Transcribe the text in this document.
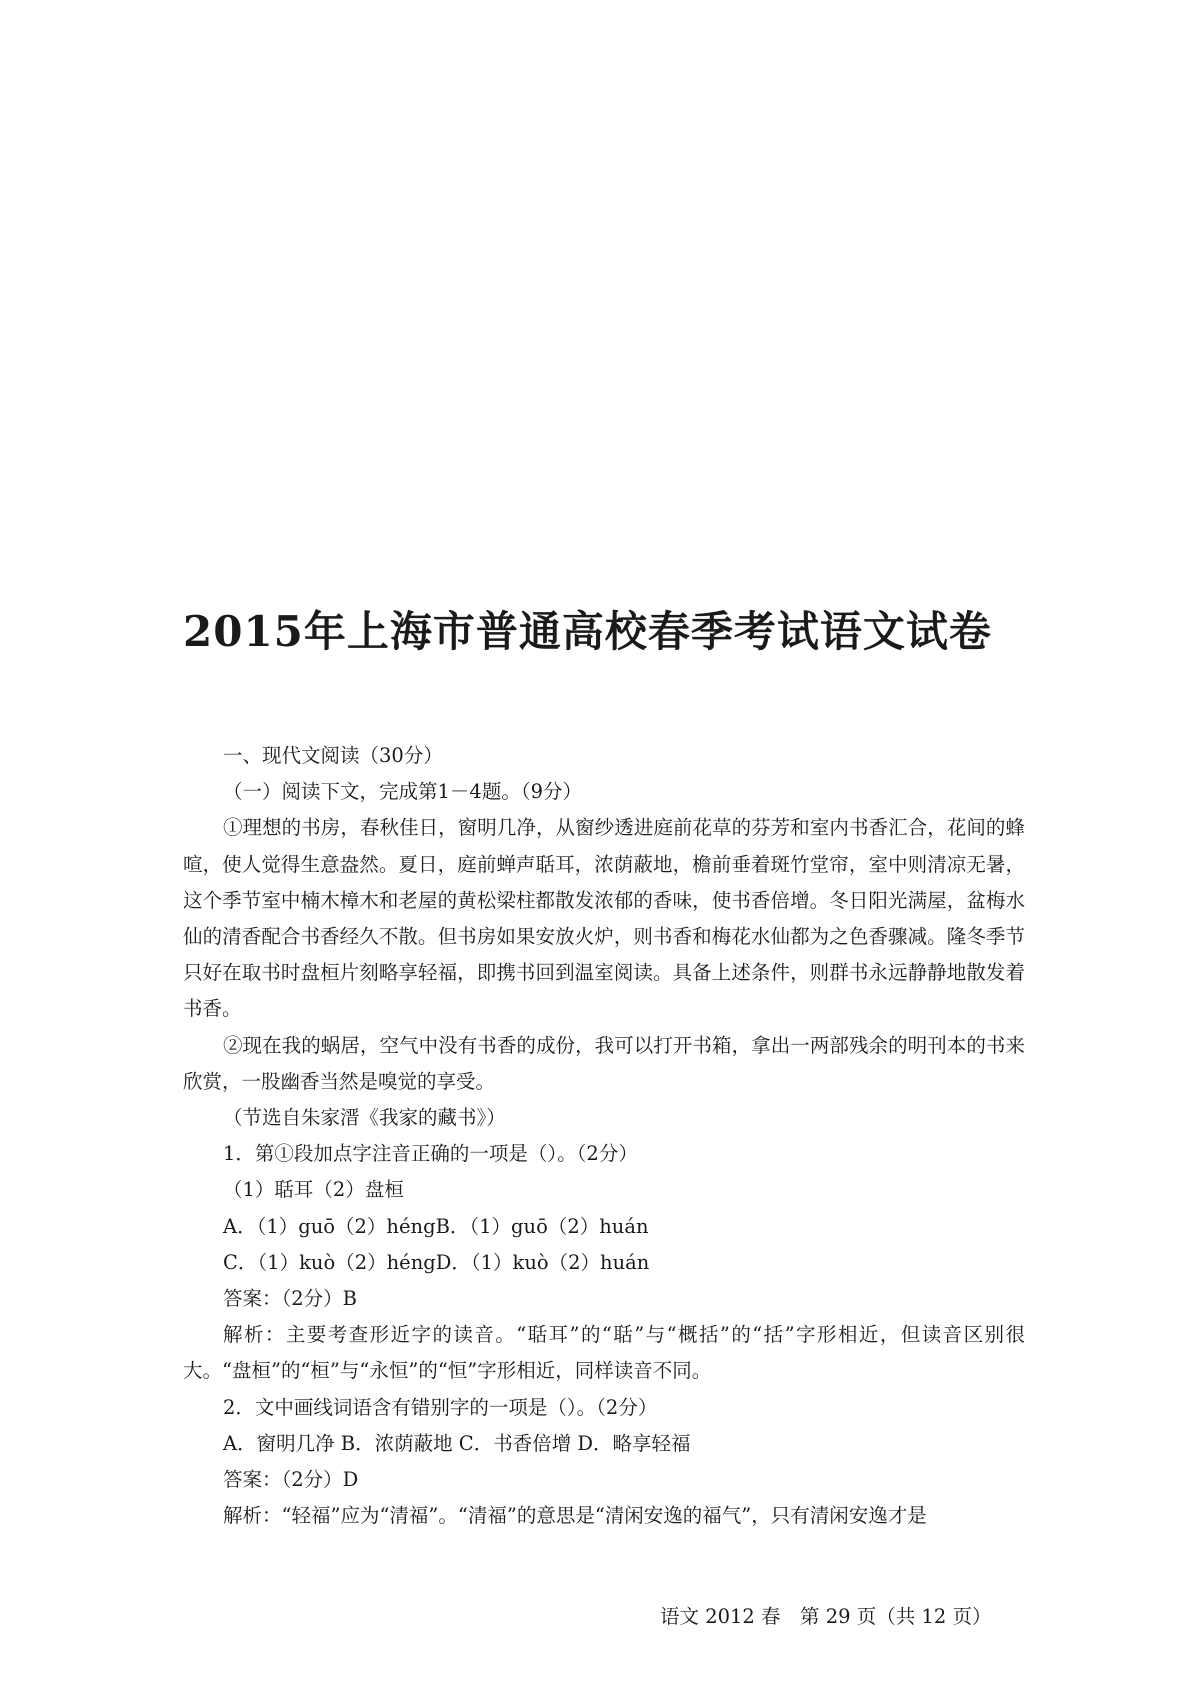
2015年上海市普通高校春季考试语文试卷

一、现代文阅读（30分）

（一）阅读下文，完成第1－4题。（9分）

①理想的书房，春秋佳日，窗明几净，从窗纱透进庭前花草的芬芳和室内书香汇合，花间的蜂喧，使人觉得生意盎然。夏日，庭前蝉声聒耳，浓荫蔽地，檐前垂着斑竹堂帘，室中则清凉无暑，这个季节室中楠木樟木和老屋的黄松梁柱都散发浓郁的香味，使书香倍增。冬日阳光满屋，盆梅水仙的清香配合书香经久不散。但书房如果安放火炉，则书香和梅花水仙都为之色香骤减。隆冬季节只好在取书时盘桓片刻略享轻福，即携书回到温室阅读。具备上述条件，则群书永远静静地散发着书香。

②现在我的蜗居，空气中没有书香的成份，我可以打开书箱，拿出一两部残余的明刊本的书来欣赏，一股幽香当然是嗅觉的享受。

（节选自朱家溍《我家的藏书》）

1．第①段加点字注音正确的一项是（）。（2分）

（1）聒耳（2）盘桓

A．（1）guō（2）héngB．（1）guō（2）huán

C．（1）kuò（2）héngD．（1）kuò（2）huán

答案：（2分）B

解析：主要考查形近字的读音。“聒耳”的“聒”与“概括”的“括”字形相近，但读音区别很大。“盘桓”的“桓”与“永恒”的“恒”字形相近，同样读音不同。

2．文中画线词语含有错别字的一项是（）。（2分）

A．窗明几净 B．浓荫蔽地 C．书香倍增 D．略享轻福

答案：（2分）D

解析：“轻福”应为“清福”。“清福”的意思是“清闲安逸的福气”，只有清闲安逸才是

语文 2012 春　第 29 页（共 12 页）
